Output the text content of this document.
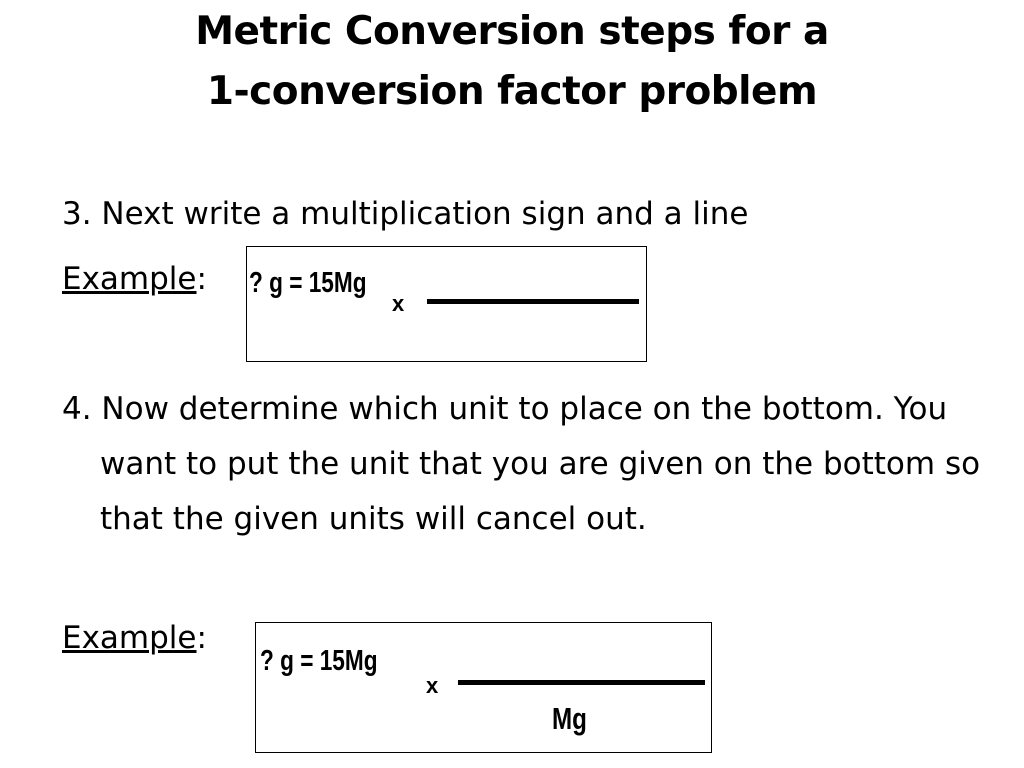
Metric Conversion steps for a
1-conversion factor problem
3. Next write a multiplication sign and a line
Example: ? g = 15Mg
x
4. Now determine which unit to place on the bottom. You want to put the unit that you are given on the bottom so that the given units will cancel out.
Example:
? g = 15Mg
x
Mg
